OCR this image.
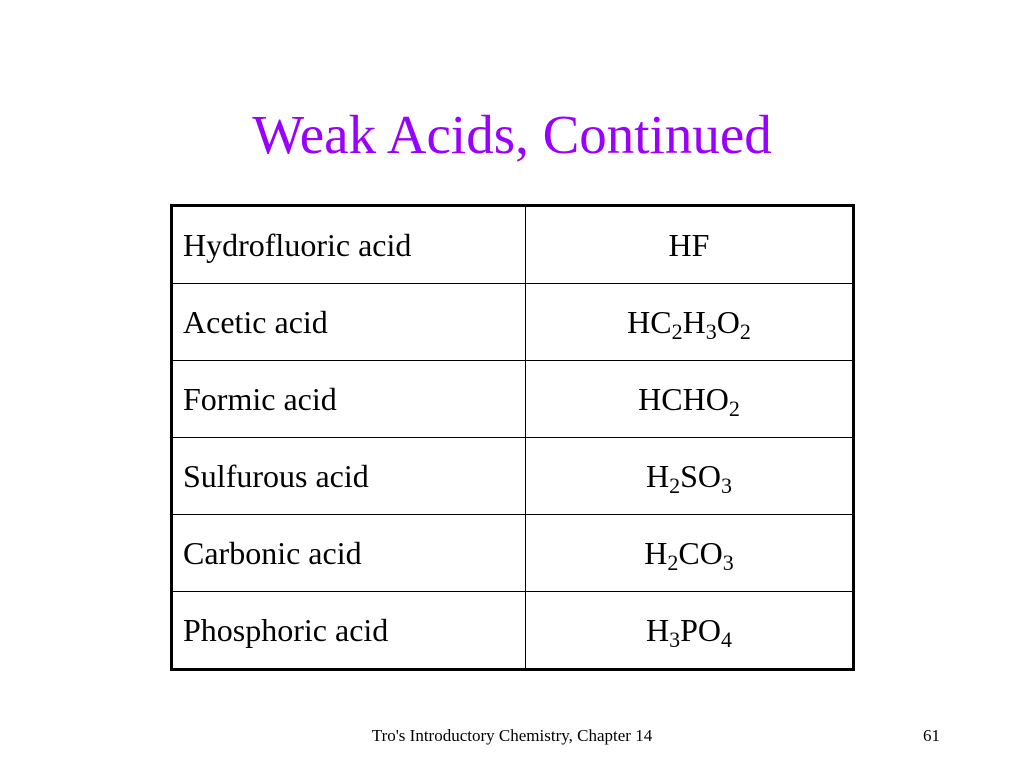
Weak Acids, Continued
Hydrofluoric acid	HF
Acetic acid	$HC_2H_3O_2$
Formic acid	$HCHO_2$
Sulfurous acid	$H_2SO_3$
Carbonic acid	$H_2CO_3$
Phosphoric acid	$H_3PO_4$
Tro's Introductory Chemistry, Chapter 14	61
